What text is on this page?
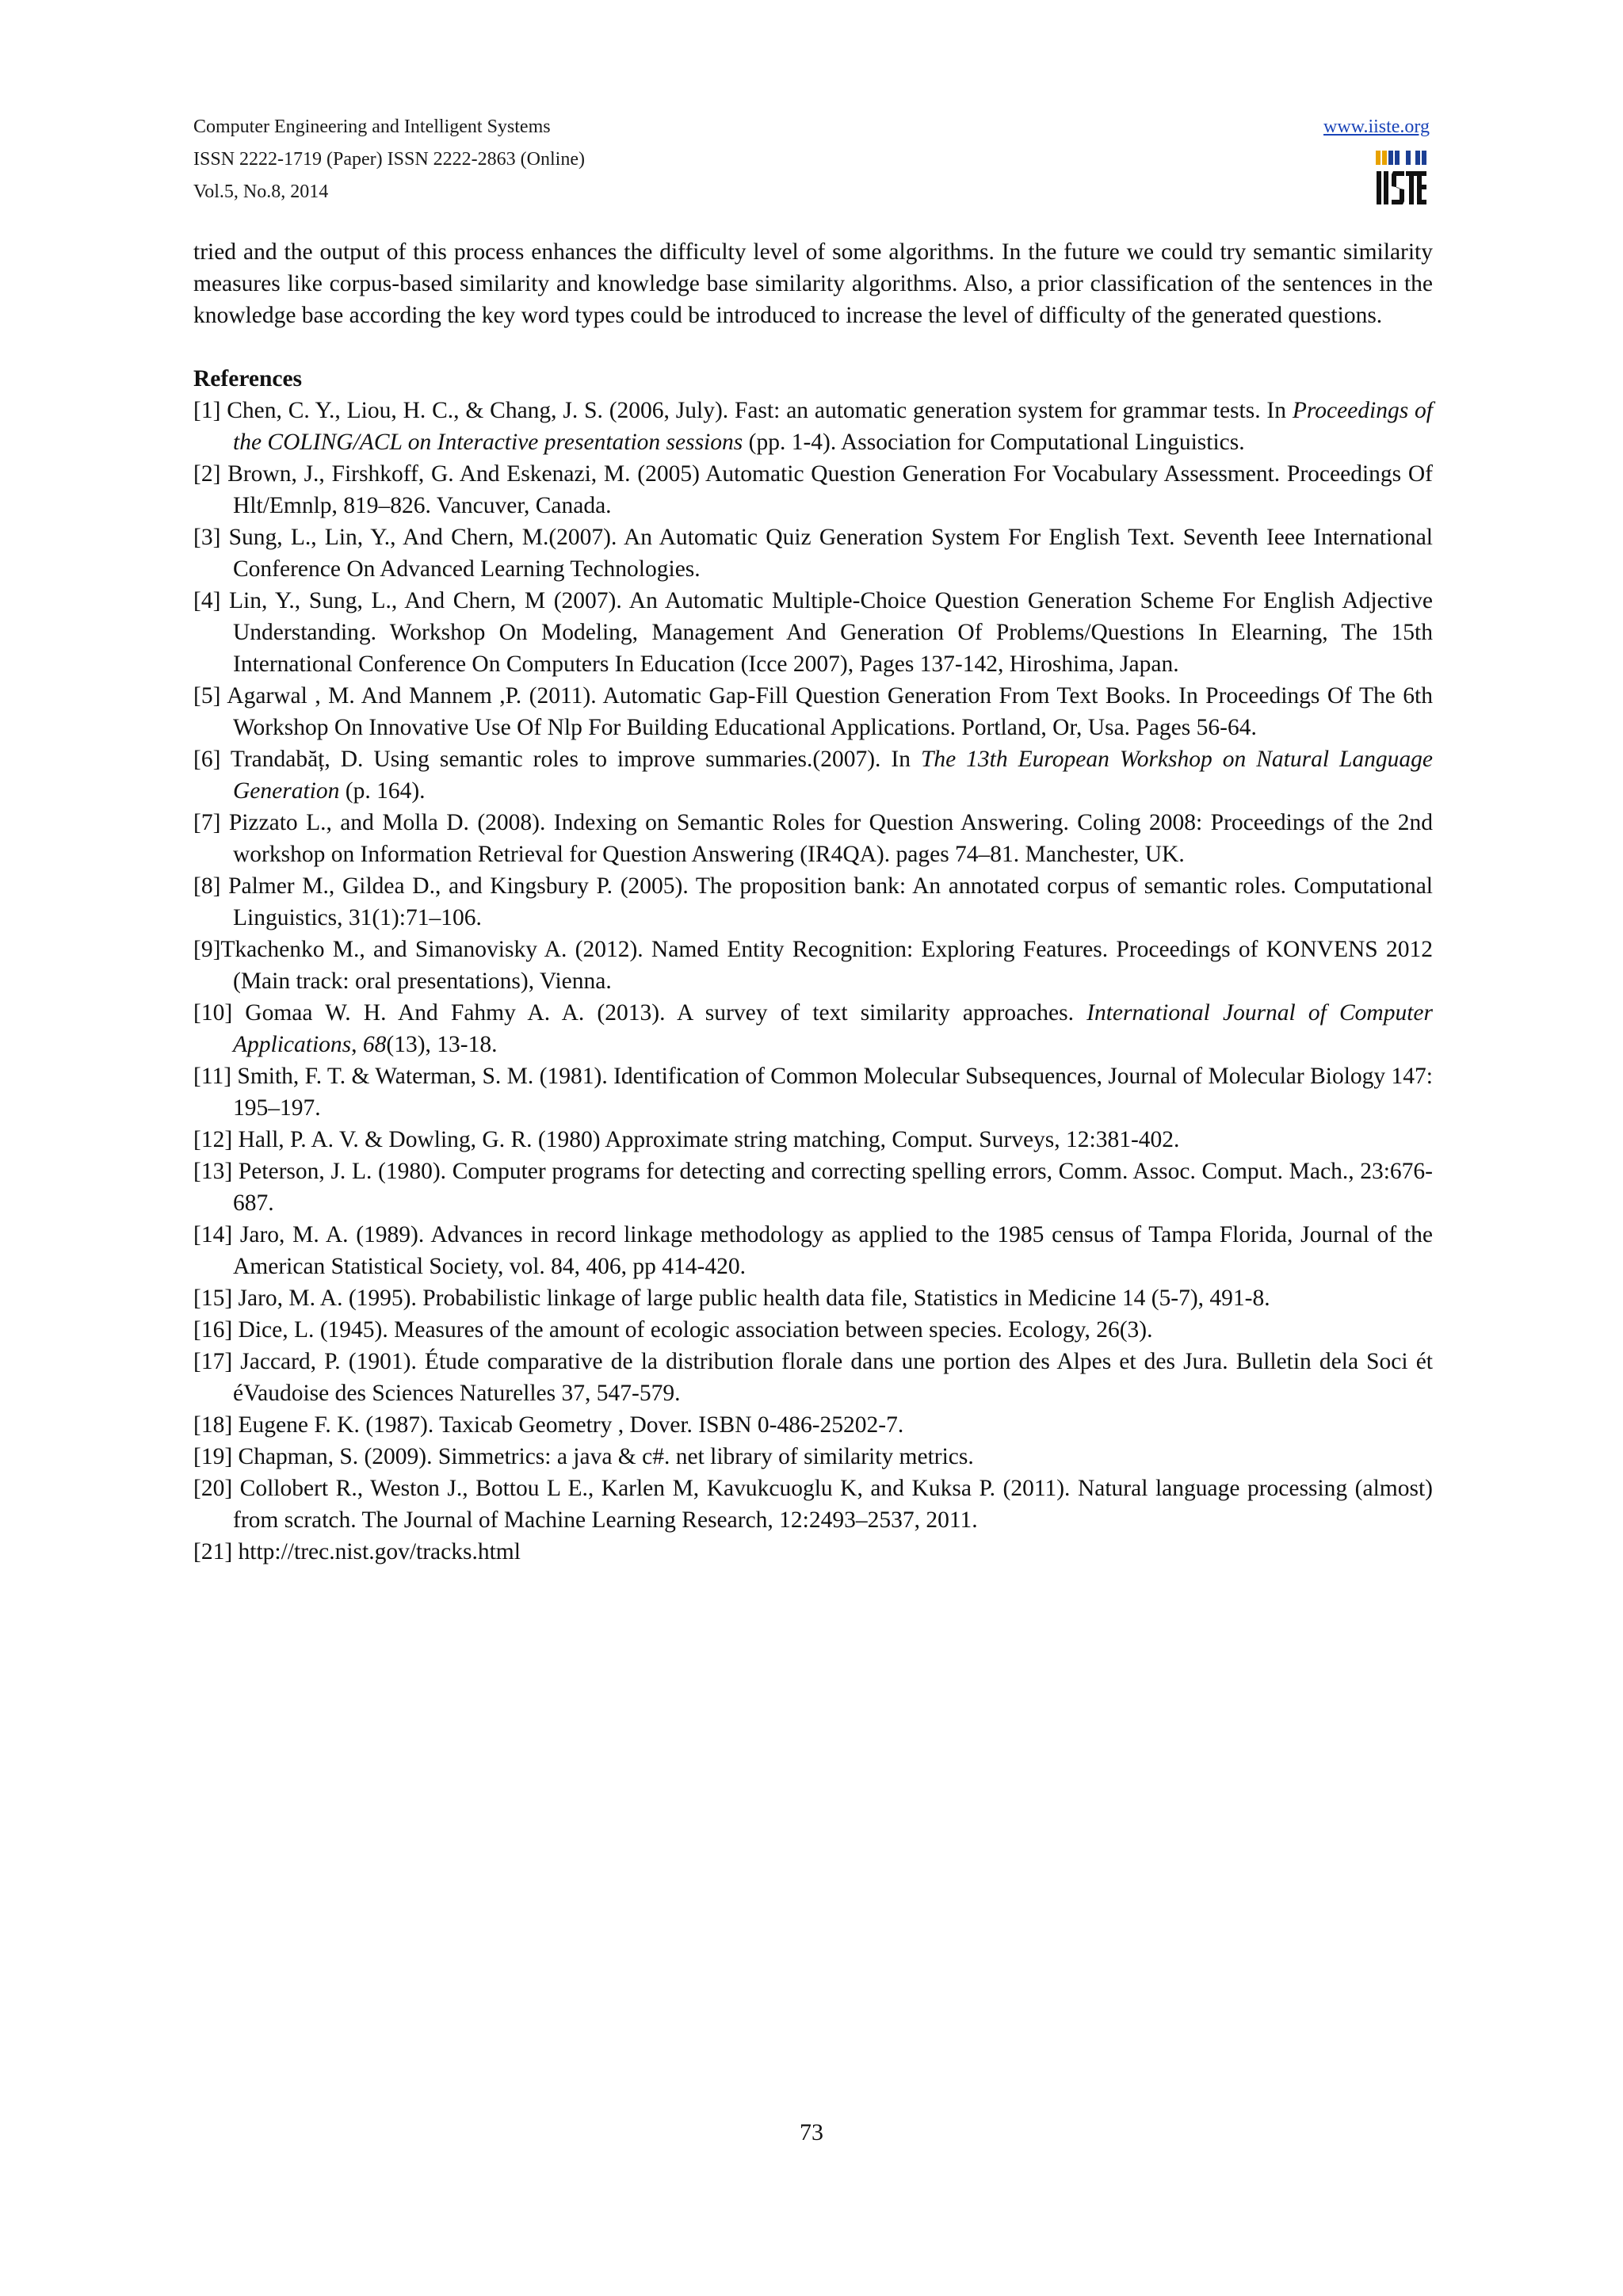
Computer Engineering and Intelligent Systems
ISSN 2222-1719 (Paper) ISSN 2222-2863 (Online)
Vol.5, No.8, 2014
www.iiste.org

tried and the output of this process enhances the difficulty level of some algorithms. In the future we could try semantic similarity measures like corpus-based similarity and knowledge base similarity algorithms. Also, a prior classification of the sentences in the knowledge base according the key word types could be introduced to increase the level of difficulty of the generated questions.

References
[1] Chen, C. Y., Liou, H. C., & Chang, J. S. (2006, July). Fast: an automatic generation system for grammar tests. In Proceedings of the COLING/ACL on Interactive presentation sessions (pp. 1-4). Association for Computational Linguistics.
[2] Brown, J., Firshkoff, G. And Eskenazi, M. (2005) Automatic Question Generation For Vocabulary Assessment. Proceedings Of Hlt/Emnlp, 819–826. Vancuver, Canada.
[3] Sung, L., Lin, Y., And Chern, M.(2007). An Automatic Quiz Generation System For English Text. Seventh Ieee International Conference On Advanced Learning Technologies.
[4] Lin, Y., Sung, L., And Chern, M (2007). An Automatic Multiple-Choice Question Generation Scheme For English Adjective Understanding. Workshop On Modeling, Management And Generation Of Problems/Questions In Elearning, The 15th International Conference On Computers In Education (Icce 2007), Pages 137-142, Hiroshima, Japan.
[5] Agarwal , M. And Mannem ,P. (2011). Automatic Gap-Fill Question Generation From Text Books. In Proceedings Of The 6th Workshop On Innovative Use Of Nlp For Building Educational Applications. Portland, Or, Usa. Pages 56-64.
[6] Trandabăț, D. Using semantic roles to improve summaries.(2007). In The 13th European Workshop on Natural Language Generation (p. 164).
[7] Pizzato L., and Molla D. (2008). Indexing on Semantic Roles for Question Answering. Coling 2008: Proceedings of the 2nd workshop on Information Retrieval for Question Answering (IR4QA). pages 74–81. Manchester, UK.
[8] Palmer M., Gildea D., and Kingsbury P. (2005). The proposition bank: An annotated corpus of semantic roles. Computational Linguistics, 31(1):71–106.
[9]Tkachenko M., and Simanovisky A. (2012). Named Entity Recognition: Exploring Features. Proceedings of KONVENS 2012 (Main track: oral presentations), Vienna.
[10] Gomaa W. H. And Fahmy A. A. (2013). A survey of text similarity approaches. International Journal of Computer Applications, 68(13), 13-18.
[11] Smith, F. T. & Waterman, S. M. (1981). Identification of Common Molecular Subsequences, Journal of Molecular Biology 147: 195–197.
[12] Hall, P. A. V. & Dowling, G. R. (1980) Approximate string matching, Comput. Surveys, 12:381-402.
[13] Peterson, J. L. (1980). Computer programs for detecting and correcting spelling errors, Comm. Assoc. Comput. Mach., 23:676-687.
[14] Jaro, M. A. (1989). Advances in record linkage methodology as applied to the 1985 census of Tampa Florida, Journal of the American Statistical Society, vol. 84, 406, pp 414-420.
[15] Jaro, M. A. (1995). Probabilistic linkage of large public health data file, Statistics in Medicine 14 (5-7), 491-8.
[16] Dice, L. (1945). Measures of the amount of ecologic association between species. Ecology, 26(3).
[17] Jaccard, P. (1901). Étude comparative de la distribution florale dans une portion des Alpes et des Jura. Bulletin dela Soci ét éVaudoise des Sciences Naturelles 37, 547-579.
[18] Eugene F. K. (1987). Taxicab Geometry , Dover. ISBN 0-486-25202-7.
[19] Chapman, S. (2009). Simmetrics: a java & c#. net library of similarity metrics.
[20] Collobert R., Weston J., Bottou L E., Karlen M, Kavukcuoglu K, and Kuksa P. (2011). Natural language processing (almost) from scratch. The Journal of Machine Learning Research, 12:2493–2537, 2011.
[21] http://trec.nist.gov/tracks.html
73
